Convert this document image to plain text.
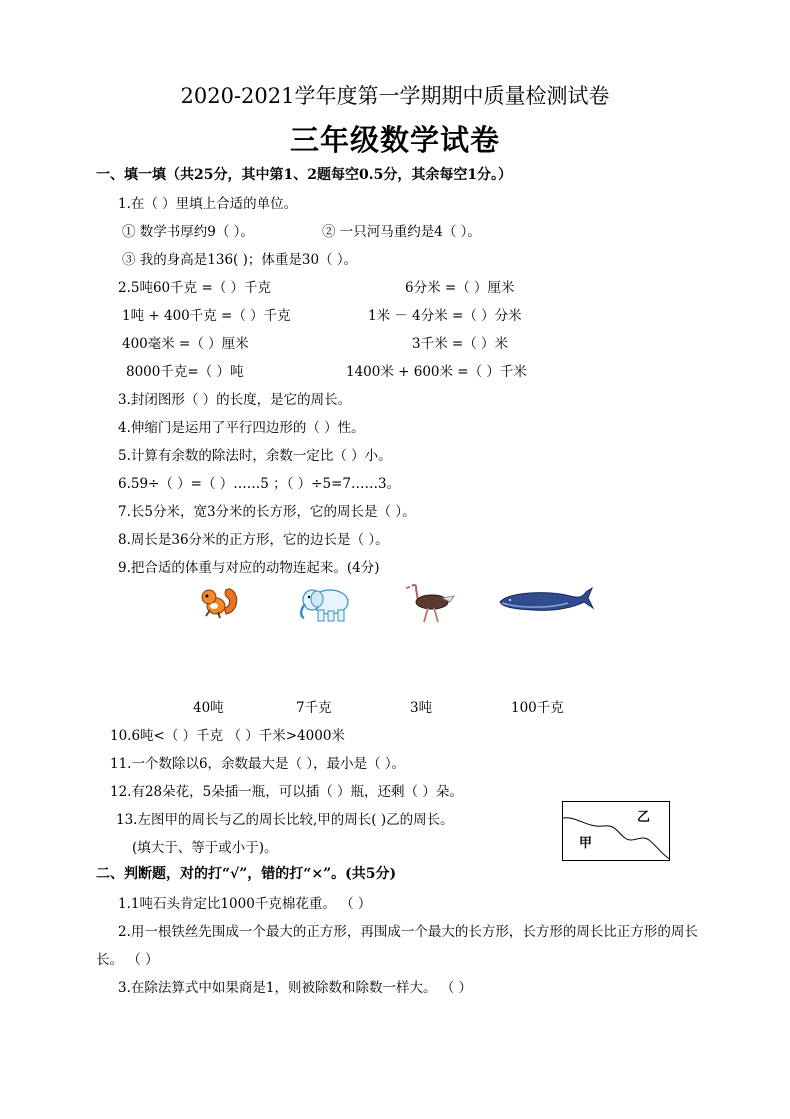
2020-2021学年度第一学期期中质量检测试卷
三年级数学试卷
一、填一填（共25分，其中第1、2题每空0.5分，其余每空1分。）
1.在（ ）里填上合适的单位。
① 数学书厚约9（ ）。	② 一只河马重约是4（ ）。
③ 我的身高是136( )；体重是30（ ）。
2.5吨60千克 =（ ）千克	6分米 =（ ）厘米
1吨 + 400千克 =（ ）千克	1米 － 4分米 =（ ）分米
400毫米 =（ ）厘米	3千米 =（ ）米
8000千克=（ ）吨	1400米 + 600米 =（ ）千米
3.封闭图形（ ）的长度，是它的周长。
4.伸缩门是运用了平行四边形的（ ）性。
5.计算有余数的除法时，余数一定比（ ）小。
6.59÷（ ）=（ ）……5 ；（ ）÷5=7……3。
7.长5分米，宽3分米的长方形，它的周长是（ ）。
8.周长是36分米的正方形，它的边长是（ ）。
9.把合适的体重与对应的动物连起来。(4分)
40吨	7千克	3吨	100千克
10.6吨<（ ）千克 （ ）千米>4000米
11.一个数除以6，余数最大是（ ），最小是（ ）。
12.有28朵花，5朵插一瓶，可以插（ ）瓶，还剩（ ）朵。
13.左图甲的周长与乙的周长比较,甲的周长( )乙的周长。
(填大于、等于或小于)。	甲
乙
二、判断题，对的打“√”，错的打“×”。(共5分)
1.1吨石头肯定比1000千克棉花重。 （ ）
2.用一根铁丝先围成一个最大的正方形，再围成一个最大的长方形，长方形的周长比正方形的周长
长。 （ ）
3.在除法算式中如果商是1，则被除数和除数一样大。 （ ）
